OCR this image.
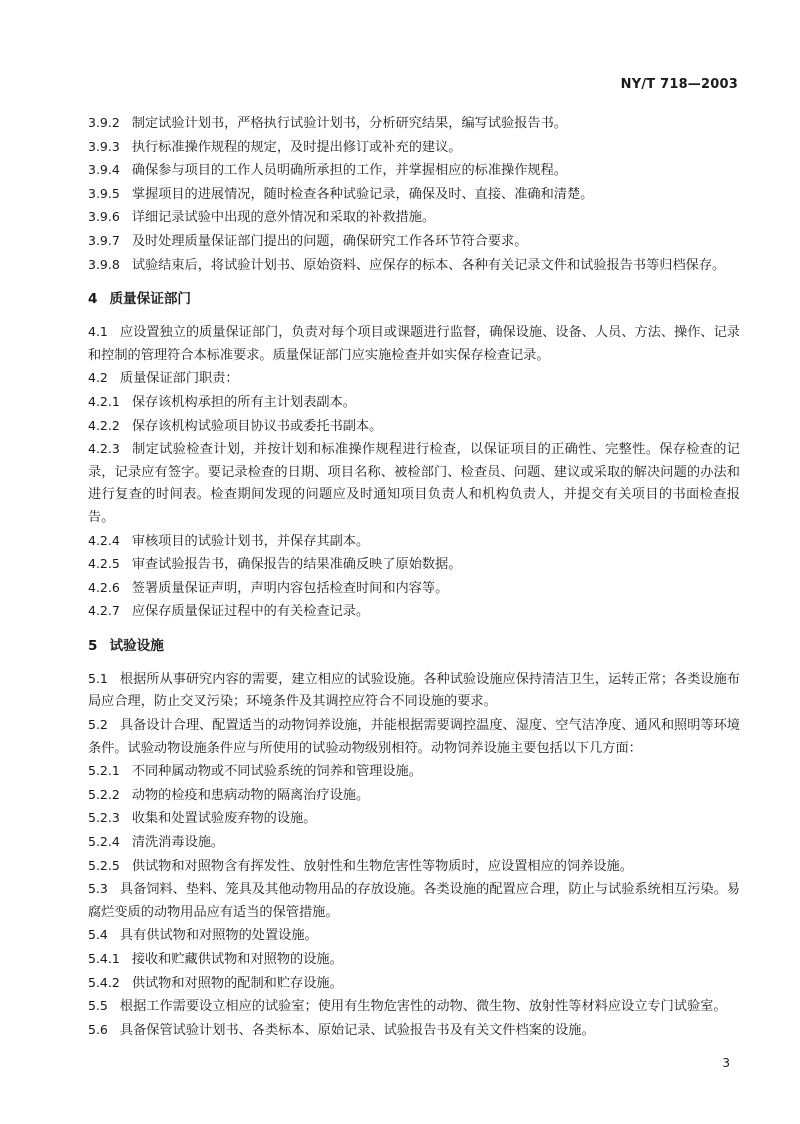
NY/T 718—2003

3.9.2 制定试验计划书，严格执行试验计划书，分析研究结果，编写试验报告书。

3.9.3 执行标准操作规程的规定，及时提出修订或补充的建议。

3.9.4 确保参与项目的工作人员明确所承担的工作，并掌握相应的标准操作规程。

3.9.5 掌握项目的进展情况，随时检查各种试验记录，确保及时、直接、准确和清楚。

3.9.6 详细记录试验中出现的意外情况和采取的补救措施。

3.9.7 及时处理质量保证部门提出的问题，确保研究工作各环节符合要求。

3.9.8 试验结束后，将试验计划书、原始资料、应保存的标本、各种有关记录文件和试验报告书等归档保存。

4 质量保证部门

4.1 应设置独立的质量保证部门，负责对每个项目或课题进行监督，确保设施、设备、人员、方法、操作、记录和控制的管理符合本标准要求。质量保证部门应实施检查并如实保存检查记录。

4.2 质量保证部门职责：

4.2.1 保存该机构承担的所有主计划表副本。

4.2.2 保存该机构试验项目协议书或委托书副本。

4.2.3 制定试验检查计划，并按计划和标准操作规程进行检查，以保证项目的正确性、完整性。保存检查的记录，记录应有签字。要记录检查的日期、项目名称、被检部门、检查员、问题、建议或采取的解决问题的办法和进行复查的时间表。检查期间发现的问题应及时通知项目负责人和机构负责人，并提交有关项目的书面检查报告。

4.2.4 审核项目的试验计划书，并保存其副本。

4.2.5 审查试验报告书，确保报告的结果准确反映了原始数据。

4.2.6 签署质量保证声明，声明内容包括检查时间和内容等。

4.2.7 应保存质量保证过程中的有关检查记录。

5 试验设施

5.1 根据所从事研究内容的需要，建立相应的试验设施。各种试验设施应保持清洁卫生，运转正常；各类设施布局应合理，防止交叉污染；环境条件及其调控应符合不同设施的要求。

5.2 具备设计合理、配置适当的动物饲养设施，并能根据需要调控温度、湿度、空气洁净度、通风和照明等环境条件。试验动物设施条件应与所使用的试验动物级别相符。动物饲养设施主要包括以下几方面：

5.2.1 不同种属动物或不同试验系统的饲养和管理设施。

5.2.2 动物的检疫和患病动物的隔离治疗设施。

5.2.3 收集和处置试验废弃物的设施。

5.2.4 清洗消毒设施。

5.2.5 供试物和对照物含有挥发性、放射性和生物危害性等物质时，应设置相应的饲养设施。

5.3 具备饲料、垫料、笼具及其他动物用品的存放设施。各类设施的配置应合理，防止与试验系统相互污染。易腐烂变质的动物用品应有适当的保管措施。

5.4 具有供试物和对照物的处置设施。

5.4.1 接收和贮藏供试物和对照物的设施。

5.4.2 供试物和对照物的配制和贮存设施。

5.5 根据工作需要设立相应的试验室；使用有生物危害性的动物、微生物、放射性等材料应设立专门试验室。

5.6 具备保管试验计划书、各类标本、原始记录、试验报告书及有关文件档案的设施。

3
